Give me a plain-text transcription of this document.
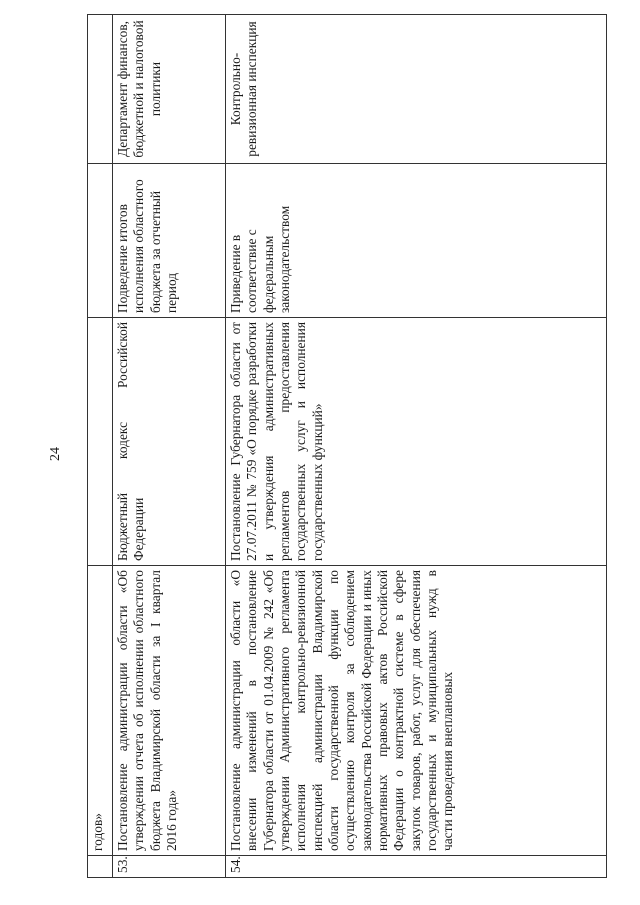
24
	годов»			
53.	Постановление администрации области «Об утверждении отчета об исполнении областного бюджета Владимирской области за I квартал 2016 года»	Бюджетный кодекс Российской Федерации	Подведение итогов исполнения областного бюджета за отчетный период	Департамент финансов, бюджетной и налоговой политики
54.	Постановление администрации области «О внесении изменений в постановление Губернатора области от 01.04.2009 № 242 «Об утверждении Административного регламента исполнения контрольно-ревизионной инспекцией администрации Владимирской области государственной функции по осуществлению контроля за соблюдением законодательства Российской Федерации и иных нормативных правовых актов Российской Федерации о контрактной системе в сфере закупок товаров, работ, услуг для обеспечения государственных и муниципальных нужд в части проведения внеплановых	Постановление Губернатора области от 27.07.2011 № 759 «О порядке разработки и утверждения административных регламентов предоставления государственных услуг и исполнения государственных функций»	Приведение в соответствие с федеральным законодательством	Контрольно-ревизионная инспекция
